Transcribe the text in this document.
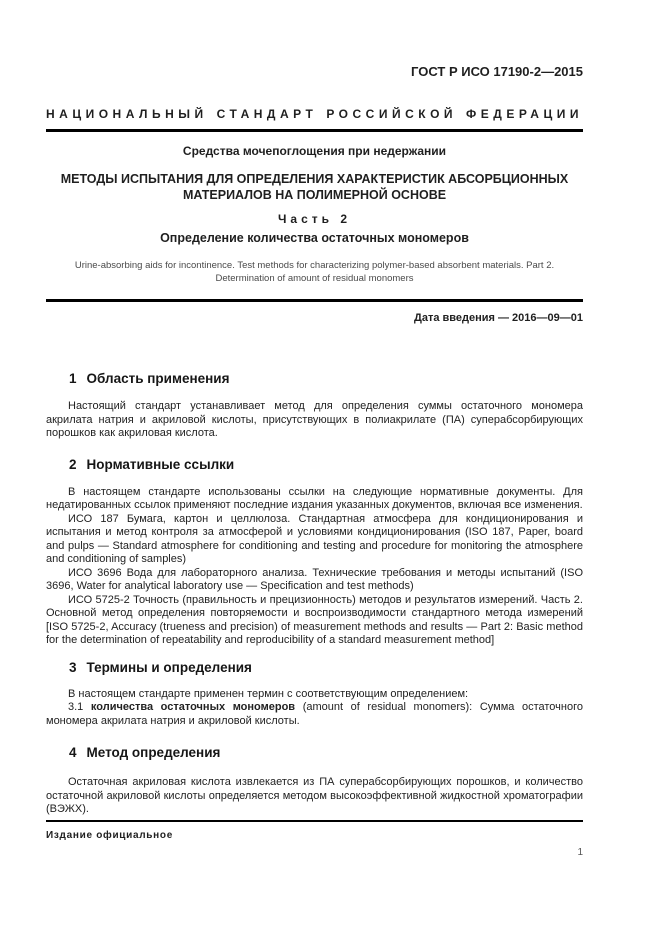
ГОСТ Р ИСО 17190-2—2015
НАЦИОНАЛЬНЫЙ СТАНДАРТ РОССИЙСКОЙ ФЕДЕРАЦИИ
Средства мочепоглощения при недержании
МЕТОДЫ ИСПЫТАНИЯ ДЛЯ ОПРЕДЕЛЕНИЯ ХАРАКТЕРИСТИК АБСОРБЦИОННЫХ МАТЕРИАЛОВ НА ПОЛИМЕРНОЙ ОСНОВЕ
Часть 2
Определение количества остаточных мономеров
Urine-absorbing aids for incontinence. Test methods for characterizing polymer-based absorbent materials. Part 2. Determination of amount of residual monomers
Дата введения — 2016—09—01
1 Область применения

Настоящий стандарт устанавливает метод для определения суммы остаточного мономера акрилата натрия и акриловой кислоты, присутствующих в полиакрилате (ПА) суперабсорбирующих порошков как акриловая кислота.

2 Нормативные ссылки

В настоящем стандарте использованы ссылки на следующие нормативные документы. Для недатированных ссылок применяют последние издания указанных документов, включая все изменения.

ИСО 187 Бумага, картон и целлюлоза. Стандартная атмосфера для кондиционирования и испытания и метод контроля за атмосферой и условиями кондиционирования (ISO 187, Paper, board and pulps — Standard atmosphere for conditioning and testing and procedure for monitoring the atmosphere and conditioning of samples)

ИСО 3696 Вода для лабораторного анализа. Технические требования и методы испытаний (ISO 3696, Water for analytical laboratory use — Specification and test methods)

ИСО 5725-2 Точность (правильность и прецизионность) методов и результатов измерений. Часть 2. Основной метод определения повторяемости и воспроизводимости стандартного метода измерений [ISO 5725-2, Accuracy (trueness and precision) of measurement methods and results — Part 2: Basic method for the determination of repeatability and reproducibility of a standard measurement method]

3 Термины и определения

В настоящем стандарте применен термин с соответствующим определением:

3.1 количества остаточных мономеров (amount of residual monomers): Сумма остаточного мономера акрилата натрия и акриловой кислоты.

4 Метод определения

Остаточная акриловая кислота извлекается из ПА суперабсорбирующих порошков, и количество остаточной акриловой кислоты определяется методом высокоэффективной жидкостной хроматографии (ВЭЖХ).

Издание официальное
1
